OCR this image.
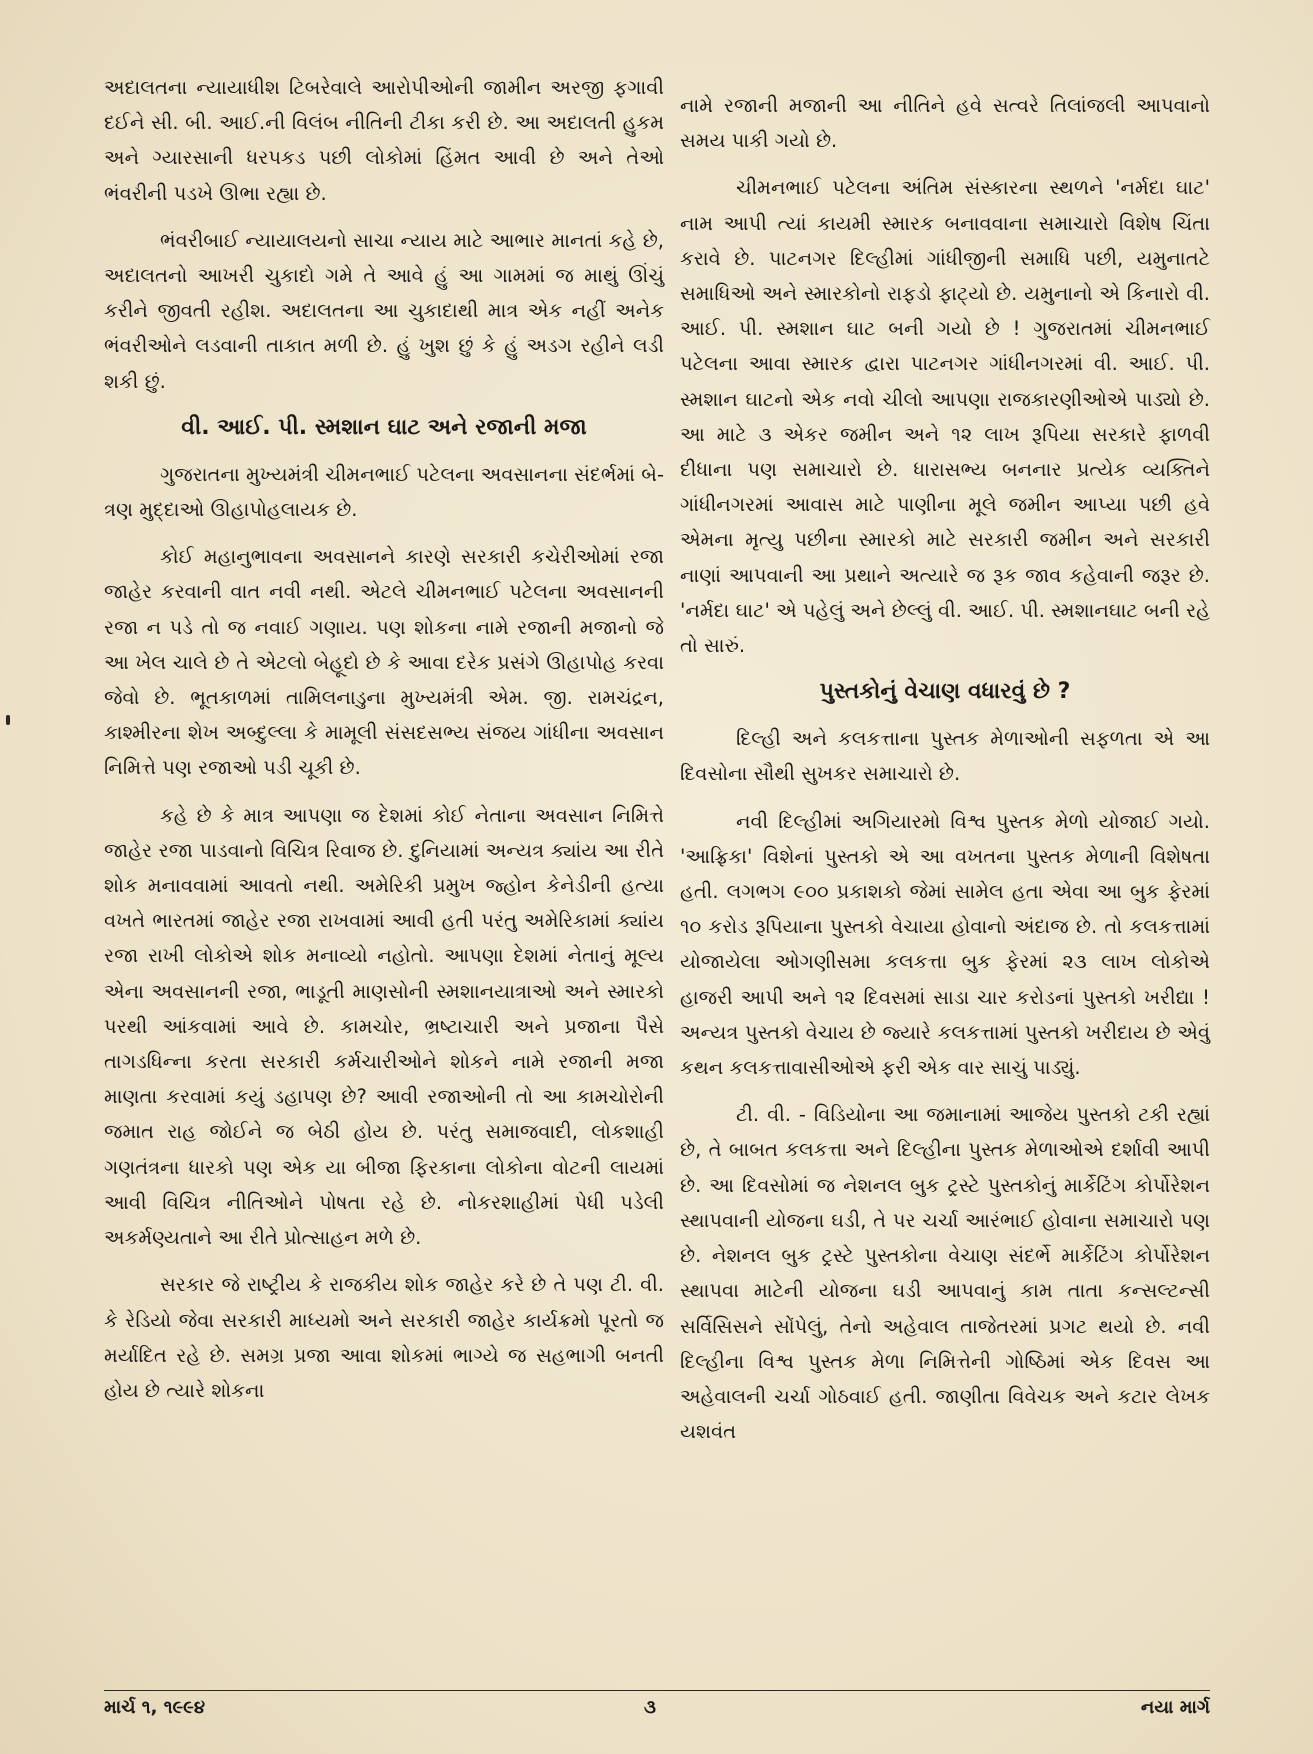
અદાલતના ન્યાયાધીશ ટિબરેવાલે આરોપીઓની જામીન અરજી ફગાવી દઈને સી. બી. આઈ.ની વિલંબ નીતિની ટીકા કરી છે. આ અદાલતી હુકમ અને ગ્યારસાની ધરપકડ પછી લોકોમાં હિંમત આવી છે અને તેઓ ભંવરીની પડખે ઊભા રહ્યા છે.

ભંવરીબાઈ ન્યાયાલયનો સાચા ન્યાય માટે આભાર માનતાં કહે છે, અદાલતનો આખરી ચુકાદો ગમે તે આવે હું આ ગામમાં જ માથું ઊંચું કરીને જીવતી રહીશ. અદાલતના આ ચુકાદાથી માત્ર એક નહીં અનેક ભંવરીઓને લડવાની તાકાત મળી છે. હું ખુશ છું કે હું અડગ રહીને લડી શકી છું.

વી. આઈ. પી. સ્મશાન ઘાટ અને રજાની મજા

ગુજરાતના મુખ્યમંત્રી ચીમનભાઈ પટેલના અવસાનના સંદર્ભમાં બે-ત્રણ મુદ્દાઓ ઊહાપોહલાયક છે.

કોઈ મહાનુભાવના અવસાનને કારણે સરકારી કચેરીઓમાં રજા જાહેર કરવાની વાત નવી નથી. એટલે ચીમનભાઈ પટેલના અવસાનની રજા ન પડે તો જ નવાઈ ગણાય. પણ શોકના નામે રજાની મજાનો જે આ ખેલ ચાલે છે તે એટલો બેહૂદો છે કે આવા દરેક પ્રસંગે ઊહાપોહ કરવા જેવો છે. ભૂતકાળમાં તામિલનાડુના મુખ્યમંત્રી એમ. જી. રામચંદ્રન, કાશ્મીરના શેખ અબ્દુલ્લા કે મામૂલી સંસદસભ્ય સંજય ગાંધીના અવસાન નિમિત્તે પણ રજાઓ પડી ચૂકી છે.

કહે છે કે માત્ર આપણા જ દેશમાં કોઈ નેતાના અવસાન નિમિત્તે જાહેર રજા પાડવાનો વિચિત્ર રિવાજ છે. દુનિયામાં અન્યત્ર ક્યાંય આ રીતે શોક મનાવવામાં આવતો નથી. અમેરિકી પ્રમુખ જ્હોન કેનેડીની હત્યા વખતે ભારતમાં જાહેર રજા રાખવામાં આવી હતી પરંતુ અમેરિકામાં ક્યાંય રજા રાખી લોકોએ શોક મનાવ્યો નહોતો. આપણા દેશમાં નેતાનું મૂલ્ય એના અવસાનની રજા, ભાડૂતી માણસોની સ્મશાનયાત્રાઓ અને સ્મારકો પરથી આંકવામાં આવે છે. કામચોર, ભ્રષ્ટાચારી અને પ્રજાના પૈસે તાગડધિન્ના કરતા સરકારી કર્મચારીઓને શોકને નામે રજાની મજા માણતા કરવામાં કયું ડહાપણ છે? આવી રજાઓની તો આ કામચોરોની જમાત રાહ જોઈને જ બેઠી હોય છે. પરંતુ સમાજવાદી, લોકશાહી ગણતંત્રના ધારકો પણ એક યા બીજા ફિરકાના લોકોના વોટની લાયમાં આવી વિચિત્ર નીતિઓને પોષતા રહે છે. નોકરશાહીમાં પેધી પડેલી અકર્મણ્યતાને આ રીતે પ્રોત્સાહન મળે છે.

સરકાર જે રાષ્ટ્રીય કે રાજકીય શોક જાહેર કરે છે તે પણ ટી. વી. કે રેડિયો જેવા સરકારી માધ્યમો અને સરકારી જાહેર કાર્યક્રમો પૂરતો જ મર્યાદિત રહે છે. સમગ્ર પ્રજા આવા શોકમાં ભાગ્યે જ સહભાગી બનતી હોય છે ત્યારે શોકના

નામે રજાની મજાની આ નીતિને હવે સત્વરે તિલાંજલી આપવાનો સમય પાકી ગયો છે.

ચીમનભાઈ પટેલના અંતિમ સંસ્કારના સ્થળને 'નર્મદા ઘાટ' નામ આપી ત્યાં કાયમી સ્મારક બનાવવાના સમાચારો વિશેષ ચિંતા કરાવે છે. પાટનગર દિલ્હીમાં ગાંધીજીની સમાધિ પછી, યમુનાતટે સમાધિઓ અને સ્મારકોનો રાફડો ફાટ્યો છે. યમુનાનો એ કિનારો વી. આઈ. પી. સ્મશાન ઘાટ બની ગયો છે ! ગુજરાતમાં ચીમનભાઈ પટેલના આવા સ્મારક દ્વારા પાટનગર ગાંધીનગરમાં વી. આઈ. પી. સ્મશાન ઘાટનો એક નવો ચીલો આપણા રાજકારણીઓએ પાડ્યો છે. આ માટે ૩ એકર જમીન અને ૧૨ લાખ રૂપિયા સરકારે ફાળવી દીધાના પણ સમાચારો છે. ધારાસભ્ય બનનાર પ્રત્યેક વ્યક્તિને ગાંધીનગરમાં આવાસ માટે પાણીના મૂલે જમીન આપ્યા પછી હવે એમના મૃત્યુ પછીના સ્મારકો માટે સરકારી જમીન અને સરકારી નાણાં આપવાની આ પ્રથાને અત્યારે જ રૂક જાવ કહેવાની જરૂર છે. 'નર્મદા ઘાટ' એ પહેલું અને છેલ્લું વી. આઈ. પી. સ્મશાનઘાટ બની રહે તો સારું.

પુસ્તકોનું વેચાણ વધારવું છે ?

દિલ્હી અને કલકત્તાના પુસ્તક મેળાઓની સફળતા એ આ દિવસોના સૌથી સુખકર સમાચારો છે.

નવી દિલ્હીમાં અગિયારમો વિશ્વ પુસ્તક મેળો યોજાઈ ગયો. 'આફ્રિકા' વિશેનાં પુસ્તકો એ આ વખતના પુસ્તક મેળાની વિશેષતા હતી. લગભગ ૯૦૦ પ્રકાશકો જેમાં સામેલ હતા એવા આ બુક ફેરમાં ૧૦ કરોડ રૂપિયાના પુસ્તકો વેચાયા હોવાનો અંદાજ છે. તો કલકત્તામાં યોજાયેલા ઓગણીસમા કલકત્તા બુક ફેરમાં ૨૩ લાખ લોકોએ હાજરી આપી અને ૧૨ દિવસમાં સાડા ચાર કરોડનાં પુસ્તકો ખરીદ્યા ! અન્યત્ર પુસ્તકો વેચાય છે જ્યારે કલકત્તામાં પુસ્તકો ખરીદાય છે એવું કથન કલકત્તાવાસીઓએ ફરી એક વાર સાચું પાડ્યું.

ટી. વી. - વિડિયોના આ જમાનામાં આજેય પુસ્તકો ટકી રહ્યાં છે, તે બાબત કલકત્તા અને દિલ્હીના પુસ્તક મેળાઓએ દર્શાવી આપી છે. આ દિવસોમાં જ નેશનલ બુક ટ્રસ્ટે પુસ્તકોનું માર્કેટિંગ કોર્પોરેશન સ્થાપવાની યોજના ઘડી, તે પર ચર્ચા આરંભાઈ હોવાના સમાચારો પણ છે. નેશનલ બુક ટ્રસ્ટે પુસ્તકોના વેચાણ સંદર્ભે માર્કેટિંગ કોર્પોરેશન સ્થાપવા માટેની યોજના ઘડી આપવાનું કામ તાતા કન્સલ્ટન્સી સર્વિસિસને સોંપેલું, તેનો અહેવાલ તાજેતરમાં પ્રગટ થયો છે. નવી દિલ્હીના વિશ્વ પુસ્તક મેળા નિમિત્તેની ગોષ્ઠિમાં એક દિવસ આ અહેવાલની ચર્ચા ગોઠવાઈ હતી. જાણીતા વિવેચક અને કટાર લેખક યશવંત

માર્ચ ૧, ૧૯૯૪	૩	નયા માર્ગ
